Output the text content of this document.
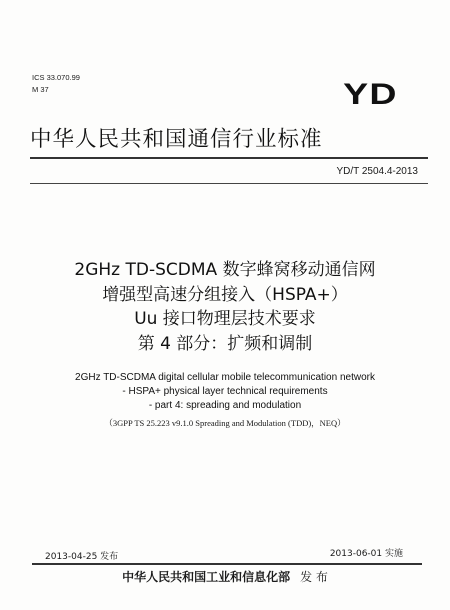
ICS 33.070.99
M 37	YD
中华人民共和国通信行业标准
YD/T 2504.4-2013
2GHz TD-SCDMA 数字蜂窝移动通信网
增强型高速分组接入（HSPA+）
Uu 接口物理层技术要求
第 4 部分：扩频和调制
2GHz TD-SCDMA digital cellular mobile telecommunication network
- HSPA+ physical layer technical requirements
- part 4: spreading and modulation
（3GPP TS 25.223 v9.1.0 Spreading and Modulation (TDD)，NEQ）
2013-04-25 发布	2013-06-01 实施
中华人民共和国工业和信息化部 发 布
